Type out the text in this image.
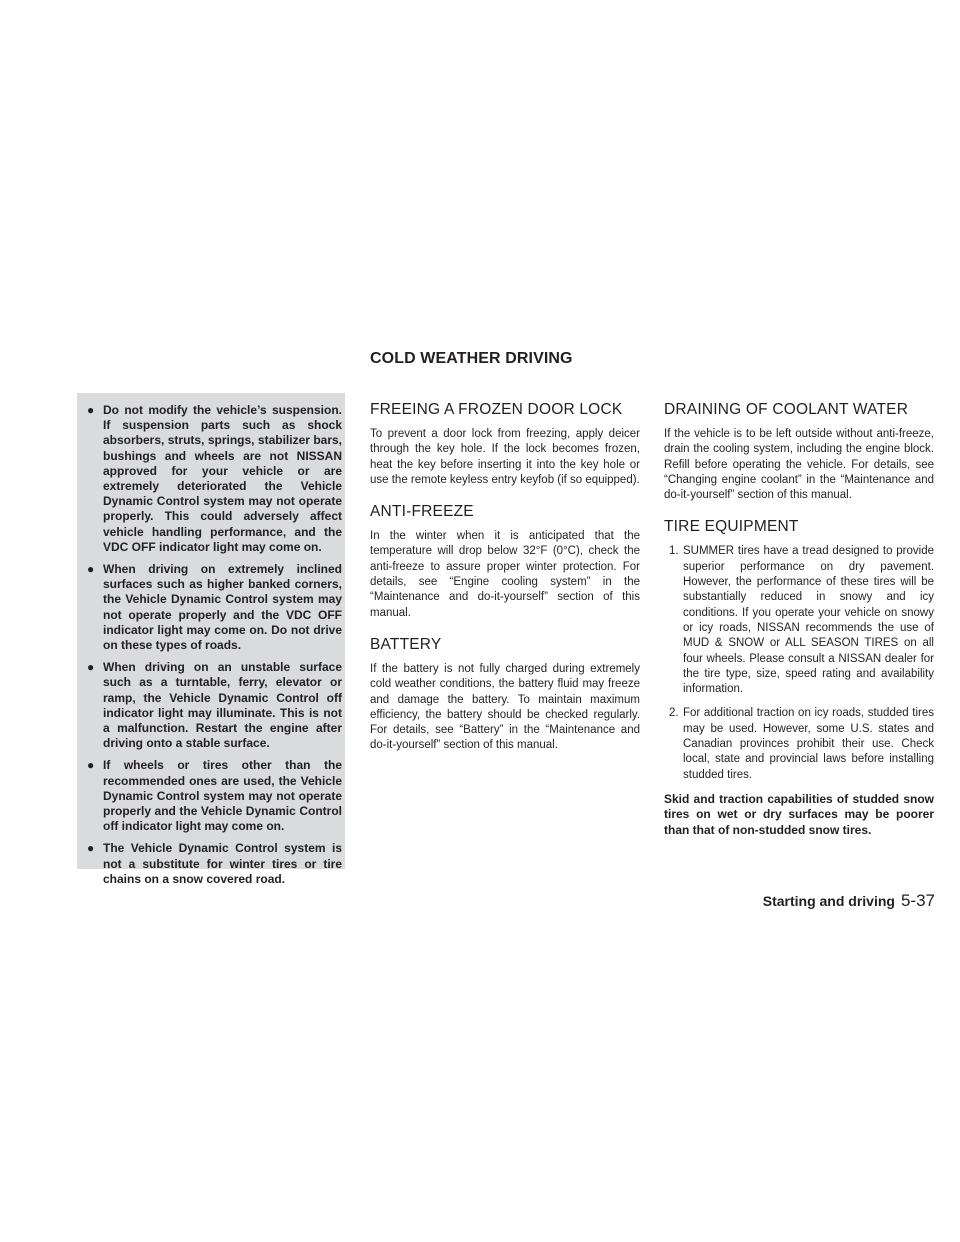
COLD WEATHER DRIVING
● Do not modify the vehicle’s suspension. If suspension parts such as shock absorbers, struts, springs, stabilizer bars, bushings and wheels are not NISSAN approved for your vehicle or are extremely deteriorated the Vehicle Dynamic Control system may not operate properly. This could adversely affect vehicle handling performance, and the VDC OFF indicator light may come on.
● When driving on extremely inclined surfaces such as higher banked corners, the Vehicle Dynamic Control system may not operate properly and the VDC OFF indicator light may come on. Do not drive on these types of roads.
● When driving on an unstable surface such as a turntable, ferry, elevator or ramp, the Vehicle Dynamic Control off indicator light may illuminate. This is not a malfunction. Restart the engine after driving onto a stable surface.
● If wheels or tires other than the recommended ones are used, the Vehicle Dynamic Control system may not operate properly and the Vehicle Dynamic Control off indicator light may come on.
● The Vehicle Dynamic Control system is not a substitute for winter tires or tire chains on a snow covered road.
FREEING A FROZEN DOOR LOCK

To prevent a door lock from freezing, apply deicer through the key hole. If the lock becomes frozen, heat the key before inserting it into the key hole or use the remote keyless entry keyfob (if so equipped).

ANTI-FREEZE

In the winter when it is anticipated that the temperature will drop below 32°F (0°C), check the anti-freeze to assure proper winter protection. For details, see “Engine cooling system” in the “Maintenance and do-it-yourself” section of this manual.

BATTERY

If the battery is not fully charged during extremely cold weather conditions, the battery fluid may freeze and damage the battery. To maintain maximum efficiency, the battery should be checked regularly. For details, see “Battery” in the “Maintenance and do-it-yourself” section of this manual.

DRAINING OF COOLANT WATER

If the vehicle is to be left outside without anti-freeze, drain the cooling system, including the engine block. Refill before operating the vehicle. For details, see “Changing engine coolant” in the “Maintenance and do-it-yourself” section of this manual.

TIRE EQUIPMENT
1. SUMMER tires have a tread designed to provide superior performance on dry pavement. However, the performance of these tires will be substantially reduced in snowy and icy conditions. If you operate your vehicle on snowy or icy roads, NISSAN recommends the use of MUD & SNOW or ALL SEASON TIRES on all four wheels. Please consult a NISSAN dealer for the tire type, size, speed rating and availability information.
2. For additional traction on icy roads, studded tires may be used. However, some U.S. states and Canadian provinces prohibit their use. Check local, state and provincial laws before installing studded tires.

Skid and traction capabilities of studded snow tires on wet or dry surfaces may be poorer than that of non-studded snow tires.

Starting and driving 5-37
